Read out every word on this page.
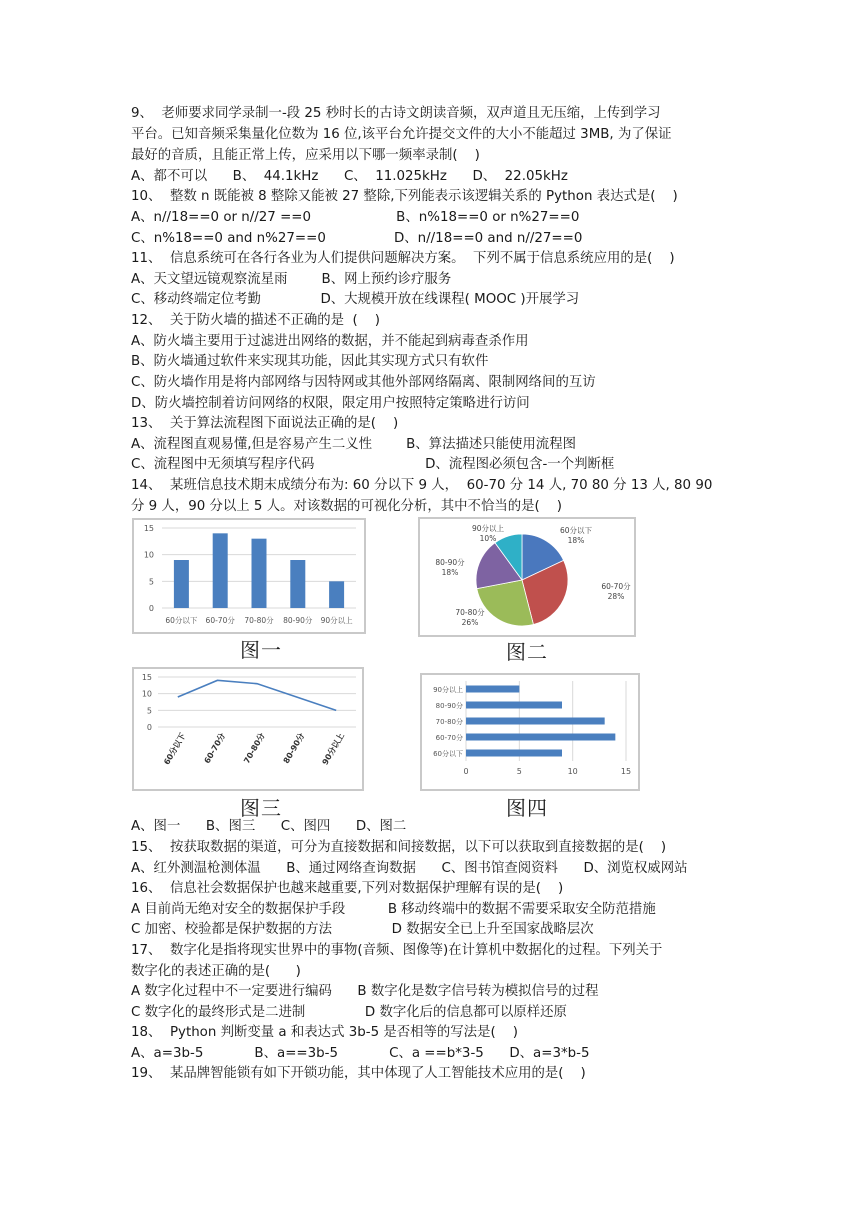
9、  老师要求同学录制一-段 25 秒时长的古诗文朗读音频，双声道且无压缩，上传到学习
平台。已知音频采集量化位数为 16 位,该平台允许提交文件的大小不能超过 3MB, 为了保证
最好的音质，且能正常上传，应采用以下哪一频率录制(    )
A、都不可以      B、  44.1kHz      C、  11.025kHz      D、  22.05kHz
10、  整数 n 既能被 8 整除又能被 27 整除,下列能表示该逻辑关系的 Python 表达式是(    )
A、n//18==0 or n//27 ==0                    B、n%18==0 or n%27==0
C、n%18==0 and n%27==0                D、n//18==0 and n//27==0
11、  信息系统可在各行各业为人们提供问题解决方案。  下列不属于信息系统应用的是(    )
A、天文望远镜观察流星雨        B、网上预约诊疗服务
C、移动终端定位考勤              D、大规模开放在线课程( MOOC )开展学习
12、  关于防火墙的描述不正确的是  (    )
A、防火墙主要用于过滤进出网络的数据，并不能起到病毒查杀作用
B、防火墙通过软件来实现其功能，因此其实现方式只有软件
C、防火墙作用是将内部网络与因特网或其他外部网络隔离、限制网络间的互访
D、防火墙控制着访问网络的权限，限定用户按照特定策略进行访问
13、  关于算法流程图下面说法正确的是(    )
A、流程图直观易懂,但是容易产生二义性        B、算法描述只能使用流程图
C、流程图中无须填写程序代码                          D、流程图必须包含-一个判断框
14、  某班信息技术期末成绩分布为: 60 分以下 9 人，  60-70 分 14 人, 70 80 分 13 人, 80 90
分 9 人，90 分以上 5 人。对该数据的可视化分析，其中不恰当的是(    )
0
5
10
15
60分以下 60-70分 70-80分 80-90分 90分以上
图一
60分以下
18%
60-70分
28%
70-80分
26%
80-90分
18%
90分以上
10%
图二
0
5
10
15
60分以下 60-70分 70-80分 80-90分 90分以上
图三
0	5	10	15
90分以上
80-90分
70-80分
60-70分
60分以下
图四
A、图一      B、图三      C、图四      D、图二
15、  按获取数据的渠道，可分为直接数据和间接数据，以下可以获取到直接数据的是(    )
A、红外测温枪测体温      B、通过网络查询数据      C、图书馆查阅资料      D、浏览权威网站
16、  信息社会数据保护也越来越重要,下列对数据保护理解有误的是(    )
A 目前尚无绝对安全的数据保护手段          B 移动终端中的数据不需要采取安全防范措施
C 加密、校验都是保护数据的方法              D 数据安全已上升至国家战略层次
17、  数字化是指将现实世界中的事物(音频、图像等)在计算机中数据化的过程。下列关于
数字化的表述正确的是(      )
A 数字化过程中不一定要进行编码      B 数字化是数字信号转为模拟信号的过程
C 数字化的最终形式是二进制              D 数字化后的信息都可以原样还原
18、  Python 判断变量 a 和表达式 3b-5 是否相等的写法是(    )
A、a=3b-5            B、a==3b-5            C、a ==b*3-5      D、a=3*b-5
19、  某品牌智能锁有如下开锁功能，其中体现了人工智能技术应用的是(    )
